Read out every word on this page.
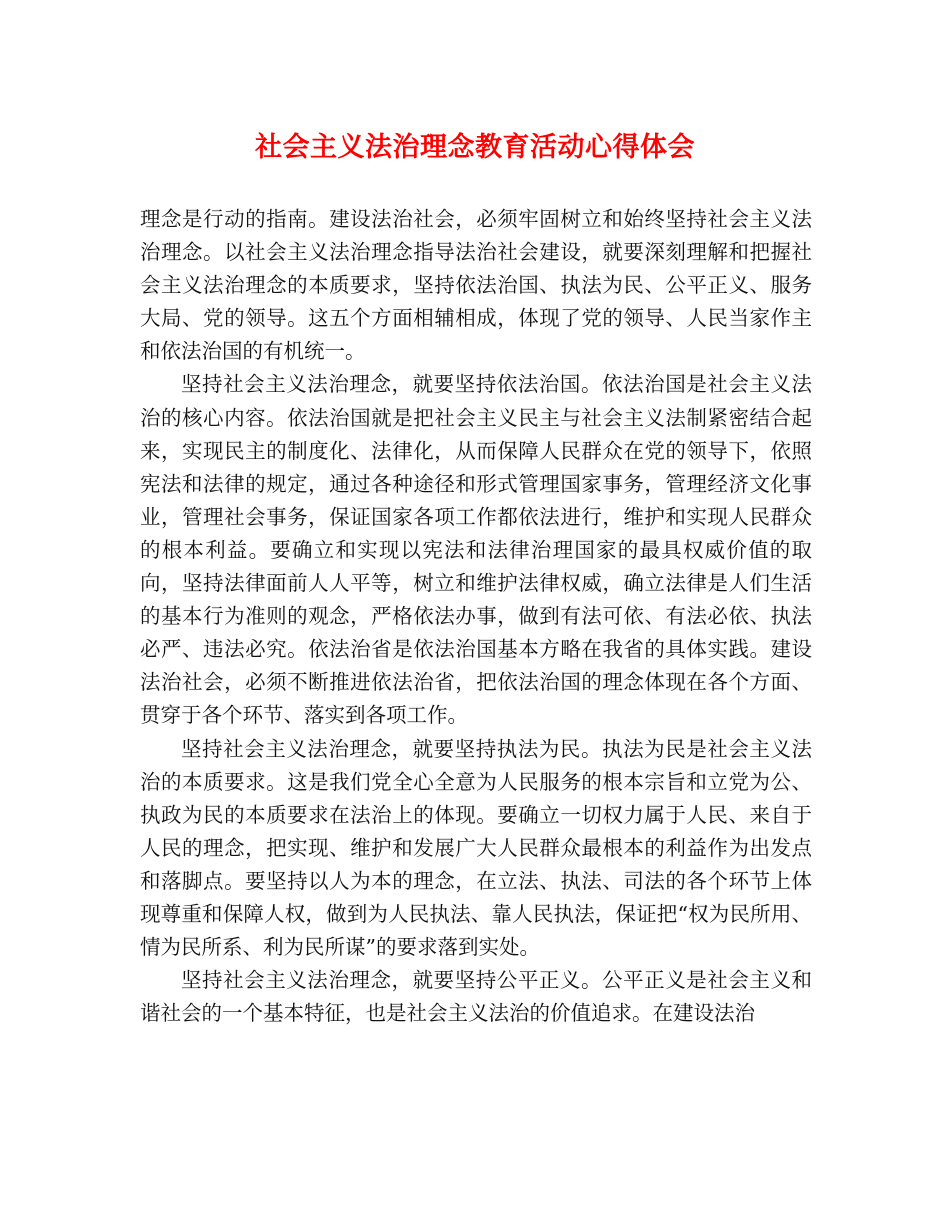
社会主义法治理念教育活动心得体会

理念是行动的指南。建设法治社会，必须牢固树立和始终坚持社会主义法治理念。以社会主义法治理念指导法治社会建设，就要深刻理解和把握社会主义法治理念的本质要求，坚持依法治国、执法为民、公平正义、服务大局、党的领导。这五个方面相辅相成，体现了党的领导、人民当家作主和依法治国的有机统一。

坚持社会主义法治理念，就要坚持依法治国。依法治国是社会主义法治的核心内容。依法治国就是把社会主义民主与社会主义法制紧密结合起来，实现民主的制度化、法律化，从而保障人民群众在党的领导下，依照宪法和法律的规定，通过各种途径和形式管理国家事务，管理经济文化事业，管理社会事务，保证国家各项工作都依法进行，维护和实现人民群众的根本利益。要确立和实现以宪法和法律治理国家的最具权威价值的取向，坚持法律面前人人平等，树立和维护法律权威，确立法律是人们生活的基本行为准则的观念，严格依法办事，做到有法可依、有法必依、执法必严、违法必究。依法治省是依法治国基本方略在我省的具体实践。建设法治社会，必须不断推进依法治省，把依法治国的理念体现在各个方面、贯穿于各个环节、落实到各项工作。

坚持社会主义法治理念，就要坚持执法为民。执法为民是社会主义法治的本质要求。这是我们党全心全意为人民服务的根本宗旨和立党为公、执政为民的本质要求在法治上的体现。要确立一切权力属于人民、来自于人民的理念，把实现、维护和发展广大人民群众最根本的利益作为出发点和落脚点。要坚持以人为本的理念，在立法、执法、司法的各个环节上体现尊重和保障人权，做到为人民执法、靠人民执法，保证把“权为民所用、情为民所系、利为民所谋”的要求落到实处。

坚持社会主义法治理念，就要坚持公平正义。公平正义是社会主义和谐社会的一个基本特征，也是社会主义法治的价值追求。在建设法治
